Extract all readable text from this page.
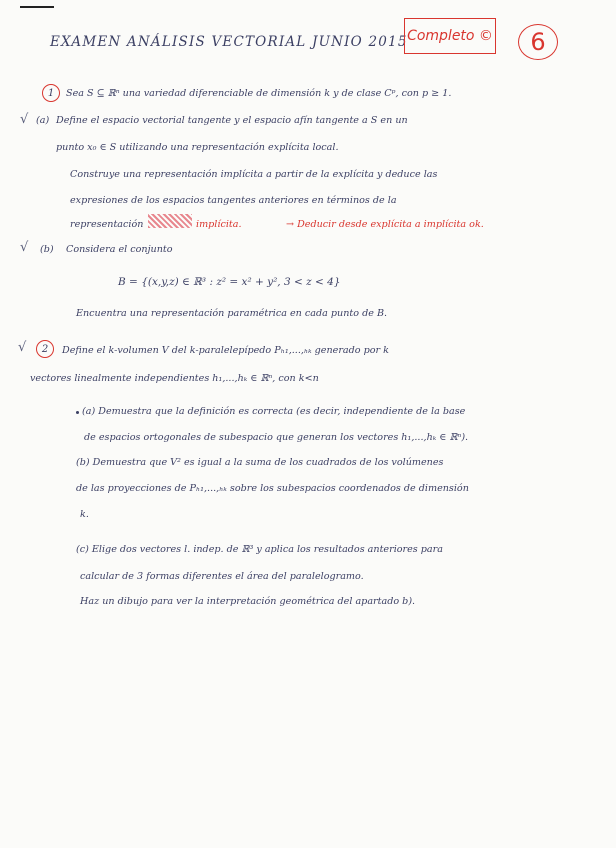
EXAMEN ANÁLISIS VECTORIAL JUNIO 2015 Completo ©	6
1	Sea S ⊆ ℝⁿ una variedad diferenciable de dimensión k y de clase Cᵖ, con p ≥ 1.
√ (a) Define el espacio vectorial tangente y el espacio afín tangente a S en un
punto x₀ ∈ S utilizando una representación explícita local.
Construye una representación implícita a partir de la explícita y deduce las
expresiones de los espacios tangentes anteriores en términos de la
representación	implícita.	→ Deducir desde explícita a implícita ok.
√ (b) Considera el conjunto
B = {(x,y,z) ∈ ℝ³ : z² = x² + y², 3 < z < 4}
Encuentra una representación paramétrica en cada punto de B.
√	2	Define el k-volumen V del k-paralelepípedo Pₕ₁,...,ₕₖ generado por k
vectores linealmente independientes h₁,...,hₖ ∈ ℝⁿ, con k<n
(a) Demuestra que la definición es correcta (es decir, independiente de la base
de espacios ortogonales de subespacio que generan los vectores h₁,...,hₖ ∈ ℝⁿ).
(b) Demuestra que V² es igual a la suma de los cuadrados de los volúmenes
de las proyecciones de Pₕ₁,...,ₕₖ sobre los subespacios coordenados de dimensión
k.
(c) Elige dos vectores l. indep. de ℝ³ y aplica los resultados anteriores para
calcular de 3 formas diferentes el área del paralelogramo.
Haz un dibujo para ver la interpretación geométrica del apartado b).
